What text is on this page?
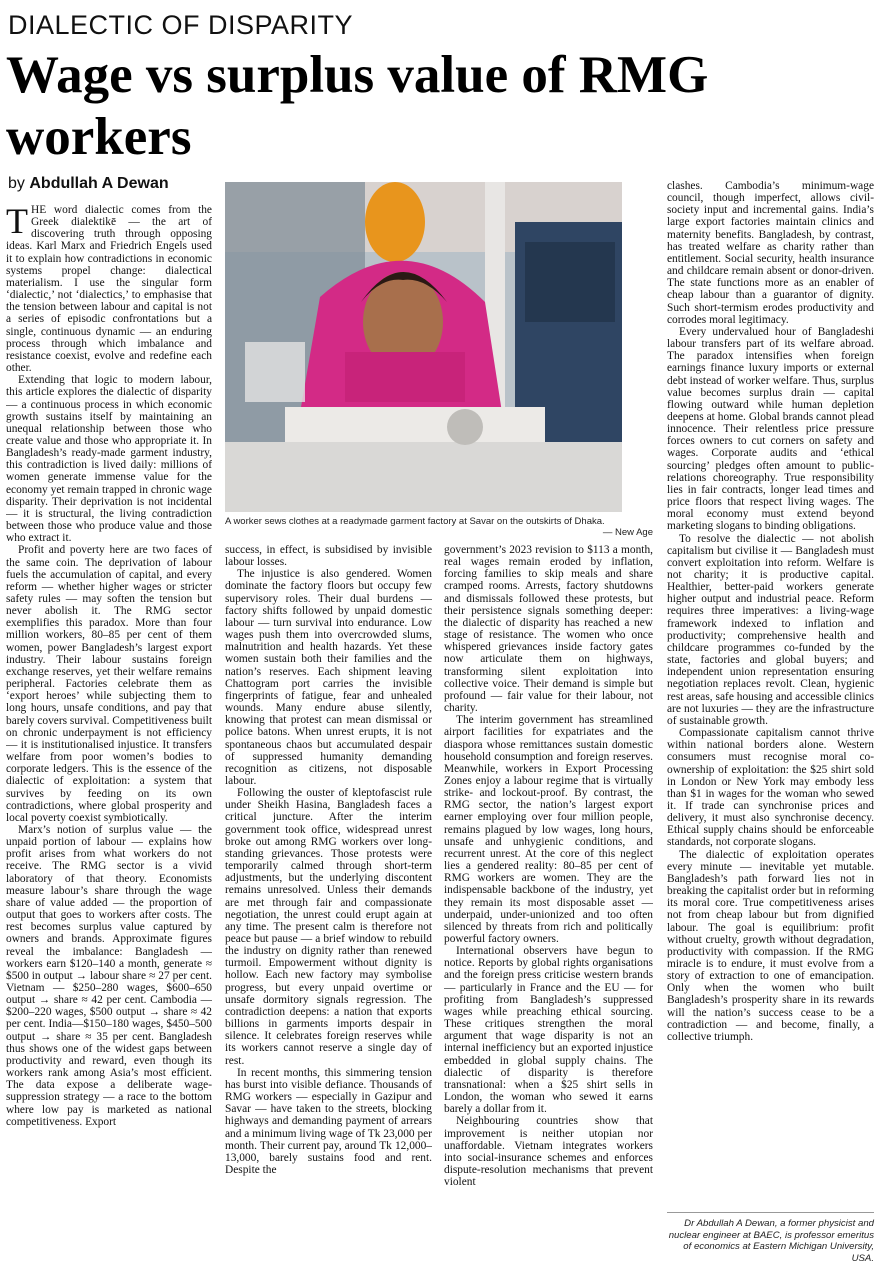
DIALECTIC OF DISPARITY
Wage vs surplus value of RMG workers
by Abdullah A Dewan

THE word dialectic comes from the Greek dialektikē — the art of discovering truth through opposing ideas. Karl Marx and Friedrich Engels used it to explain how contradictions in economic systems propel change: dialectical materialism. I use the singular form ‘dialectic,’ not ‘dialectics,’ to emphasise that the tension between labour and capital is not a series of episodic confrontations but a single, continuous dynamic — an enduring process through which imbalance and resistance coexist, evolve and redefine each other.

Extending that logic to modern labour, this article explores the dialectic of disparity — a continuous process in which economic growth sustains itself by maintaining an unequal relationship between those who create value and those who appropriate it. In Bangladesh’s ready-made garment industry, this contradiction is lived daily: millions of women generate immense value for the economy yet remain trapped in chronic wage disparity. Their deprivation is not incidental — it is structural, the living contradiction between those who produce value and those who extract it.

Profit and poverty here are two faces of the same coin. The deprivation of labour fuels the accumulation of capital, and every reform — whether higher wages or stricter safety rules — may soften the tension but never abolish it. The RMG sector exemplifies this paradox. More than four million workers, 80–85 per cent of them women, power Bangladesh’s largest export industry. Their labour sustains foreign exchange reserves, yet their welfare remains peripheral. Factories celebrate them as ‘export heroes’ while subjecting them to long hours, unsafe conditions, and pay that barely covers survival. Competitiveness built on chronic underpayment is not efficiency — it is institutionalised injustice. It transfers welfare from poor women’s bodies to corporate ledgers. This is the essence of the dialectic of exploitation: a system that survives by feeding on its own contradictions, where global prosperity and local poverty coexist symbiotically.

Marx’s notion of surplus value — the unpaid portion of labour — explains how profit arises from what workers do not receive. The RMG sector is a vivid laboratory of that theory. Economists measure labour’s share through the wage share of value added — the proportion of output that goes to workers after costs. The rest becomes surplus value captured by owners and brands. Approximate figures reveal the imbalance: Bangladesh — workers earn $120–140 a month, generate ≈ $500 in output → labour share ≈ 27 per cent. Vietnam — $250–280 wages, $600–650 output → share ≈ 42 per cent. Cambodia — $200–220 wages, $500 output → share ≈ 42 per cent. India—$150–180 wages, $450–500 output → share ≈ 35 per cent. Bangladesh thus shows one of the widest gaps between productivity and reward, even though its workers rank among Asia’s most efficient. The data expose a deliberate wage-suppression strategy — a race to the bottom where low pay is marketed as national competitiveness. Export

A worker sews clothes at a readymade garment factory at Savar on the outskirts of Dhaka.
— New Age

success, in effect, is subsidised by invisible labour losses.

The injustice is also gendered. Women dominate the factory floors but occupy few supervisory roles. Their dual burdens — factory shifts followed by unpaid domestic labour — turn survival into endurance. Low wages push them into overcrowded slums, malnutrition and health hazards. Yet these women sustain both their families and the nation’s reserves. Each shipment leaving Chattogram port carries the invisible fingerprints of fatigue, fear and unhealed wounds. Many endure abuse silently, knowing that protest can mean dismissal or police batons. When unrest erupts, it is not spontaneous chaos but accumulated despair of suppressed humanity demanding recognition as citizens, not disposable labour.

Following the ouster of kleptofascist rule under Sheikh Hasina, Bangladesh faces a critical juncture. After the interim government took office, widespread unrest broke out among RMG workers over long-standing grievances. Those protests were temporarily calmed through short-term adjustments, but the underlying discontent remains unresolved. Unless their demands are met through fair and compassionate negotiation, the unrest could erupt again at any time. The present calm is therefore not peace but pause — a brief window to rebuild the industry on dignity rather than renewed turmoil. Empowerment without dignity is hollow. Each new factory may symbolise progress, but every unpaid overtime or unsafe dormitory signals regression. The contradiction deepens: a nation that exports billions in garments imports despair in silence. It celebrates foreign reserves while its workers cannot reserve a single day of rest.

In recent months, this simmering tension has burst into visible defiance. Thousands of RMG workers — especially in Gazipur and Savar — have taken to the streets, blocking highways and demanding payment of arrears and a minimum living wage of Tk 23,000 per month. Their current pay, around Tk 12,000–13,000, barely sustains food and rent. Despite the

government’s 2023 revision to $113 a month, real wages remain eroded by inflation, forcing families to skip meals and share cramped rooms. Arrests, factory shutdowns and dismissals followed these protests, but their persistence signals something deeper: the dialectic of disparity has reached a new stage of resistance. The women who once whispered grievances inside factory gates now articulate them on highways, transforming silent exploitation into collective voice. Their demand is simple but profound — fair value for their labour, not charity.

The interim government has streamlined airport facilities for expatriates and the diaspora whose remittances sustain domestic household consumption and foreign reserves. Meanwhile, workers in Export Processing Zones enjoy a labour regime that is virtually strike- and lockout-proof. By contrast, the RMG sector, the nation’s largest export earner employing over four million people, remains plagued by low wages, long hours, unsafe and unhygienic conditions, and recurrent unrest. At the core of this neglect lies a gendered reality: 80–85 per cent of RMG workers are women. They are the indispensable backbone of the industry, yet they remain its most disposable asset — underpaid, under-unionized and too often silenced by threats from rich and politically powerful factory owners.

International observers have begun to notice. Reports by global rights organisations and the foreign press criticise western brands — particularly in France and the EU — for profiting from Bangladesh’s suppressed wages while preaching ethical sourcing. These critiques strengthen the moral argument that wage disparity is not an internal inefficiency but an exported injustice embedded in global supply chains. The dialectic of disparity is therefore transnational: when a $25 shirt sells in London, the woman who sewed it earns barely a dollar from it.

Neighbouring countries show that improvement is neither utopian nor unaffordable. Vietnam integrates workers into social-insurance schemes and enforces dispute-resolution mechanisms that prevent violent

clashes. Cambodia’s minimum-wage council, though imperfect, allows civil-society input and incremental gains. India’s large export factories maintain clinics and maternity benefits. Bangladesh, by contrast, has treated welfare as charity rather than entitlement. Social security, health insurance and childcare remain absent or donor-driven. The state functions more as an enabler of cheap labour than a guarantor of dignity. Such short-termism erodes productivity and corrodes moral legitimacy.

Every undervalued hour of Bangladeshi labour transfers part of its welfare abroad. The paradox intensifies when foreign earnings finance luxury imports or external debt instead of worker welfare. Thus, surplus value becomes surplus drain — capital flowing outward while human depletion deepens at home. Global brands cannot plead innocence. Their relentless price pressure forces owners to cut corners on safety and wages. Corporate audits and ‘ethical sourcing’ pledges often amount to public-relations choreography. True responsibility lies in fair contracts, longer lead times and price floors that respect living wages. The moral economy must extend beyond marketing slogans to binding obligations.

To resolve the dialectic — not abolish capitalism but civilise it — Bangladesh must convert exploitation into reform. Welfare is not charity; it is productive capital. Healthier, better-paid workers generate higher output and industrial peace. Reform requires three imperatives: a living-wage framework indexed to inflation and productivity; comprehensive health and childcare programmes co-funded by the state, factories and global buyers; and independent union representation ensuring negotiation replaces revolt. Clean, hygienic rest areas, safe housing and accessible clinics are not luxuries — they are the infrastructure of sustainable growth.

Compassionate capitalism cannot thrive within national borders alone. Western consumers must recognise moral co-ownership of exploitation: the $25 shirt sold in London or New York may embody less than $1 in wages for the woman who sewed it. If trade can synchronise prices and delivery, it must also synchronise decency. Ethical supply chains should be enforceable standards, not corporate slogans.

The dialectic of exploitation operates every minute — inevitable yet mutable. Bangladesh’s path forward lies not in breaking the capitalist order but in reforming its moral core. True competitiveness arises not from cheap labour but from dignified labour. The goal is equilibrium: profit without cruelty, growth without degradation, productivity with compassion. If the RMG miracle is to endure, it must evolve from a story of extraction to one of emancipation. Only when the women who built Bangladesh’s prosperity share in its rewards will the nation’s success cease to be a contradiction — and become, finally, a collective triumph.

Dr Abdullah A Dewan, a former physicist and nuclear engineer at BAEC, is professor emeritus of economics at Eastern Michigan University, USA.
